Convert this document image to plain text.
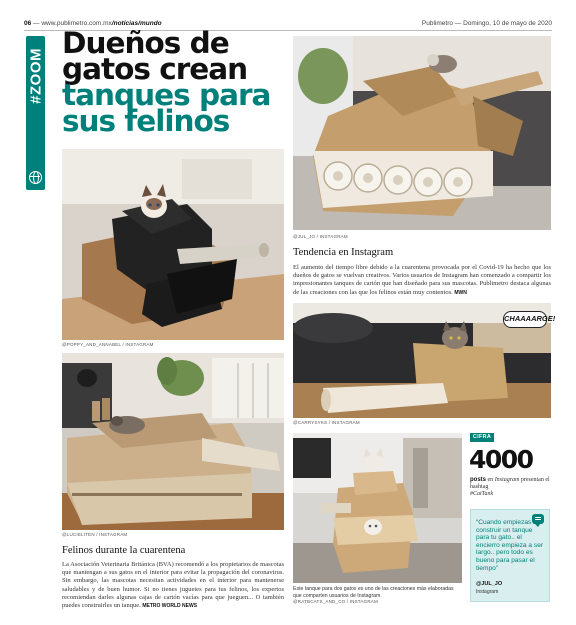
06 — www.publimetro.com.mx/noticias/mundo	Publimetro — Domingo, 10 de mayo de 2020
#ZOOM
Dueños de
gatos crean
tanques para
sus felinos
@POPPY_AND_ANNABEL / INSTAGRAM
@LUCIELITEN / INSTAGRAM
Felinos durante la cuarentena
La Asociación Veterinaria Británica (BVA) recomendó a los propietarios de mascotas que mantengan a sus gatos en el interior para evitar la propagación del coronavirus. Sin embargo, las mascotas necesitan actividades en el interior para mantenerse saludables y de buen humor. Si no tienes juguetes para tus felinos, los expertos recomiendan darles algunas cajas de cartón vacías para que jueguen... O también puedes construirles un tanque. METRO WORLD NEWS
@JUL_JO / INSTAGRAM
Tendencia en Instagram
El aumento del tiempo libre debido a la cuarentena provocada por el Covid-19 ha hecho que los dueños de gatos se vuelvan creativos. Varios usuarios de Instagram han comenzado a compartir los impresionantes tanques de cartón que han diseñado para sus mascotas. Publimetro destaca algunas de las creaciones con las que los felinos están muy contentos. MWN
CHAAAARGE!
@CARRYSYKS / INSTAGRAM
Este tanque para dos gatos es uno de las creaciones más elaboradas que comparten usuarios de Instagram. @RATBCATS_AND_CO / INSTAGRAM
CIFRA
4000
posts en Instagram presentan el hashtag
#CatTank
“Cuando empiezas a construir un tanque para tu gato.. el encierro empieza a ser largo.. pero todo es bueno para pasar el tiempo”
@JUL_JO
Instagram
